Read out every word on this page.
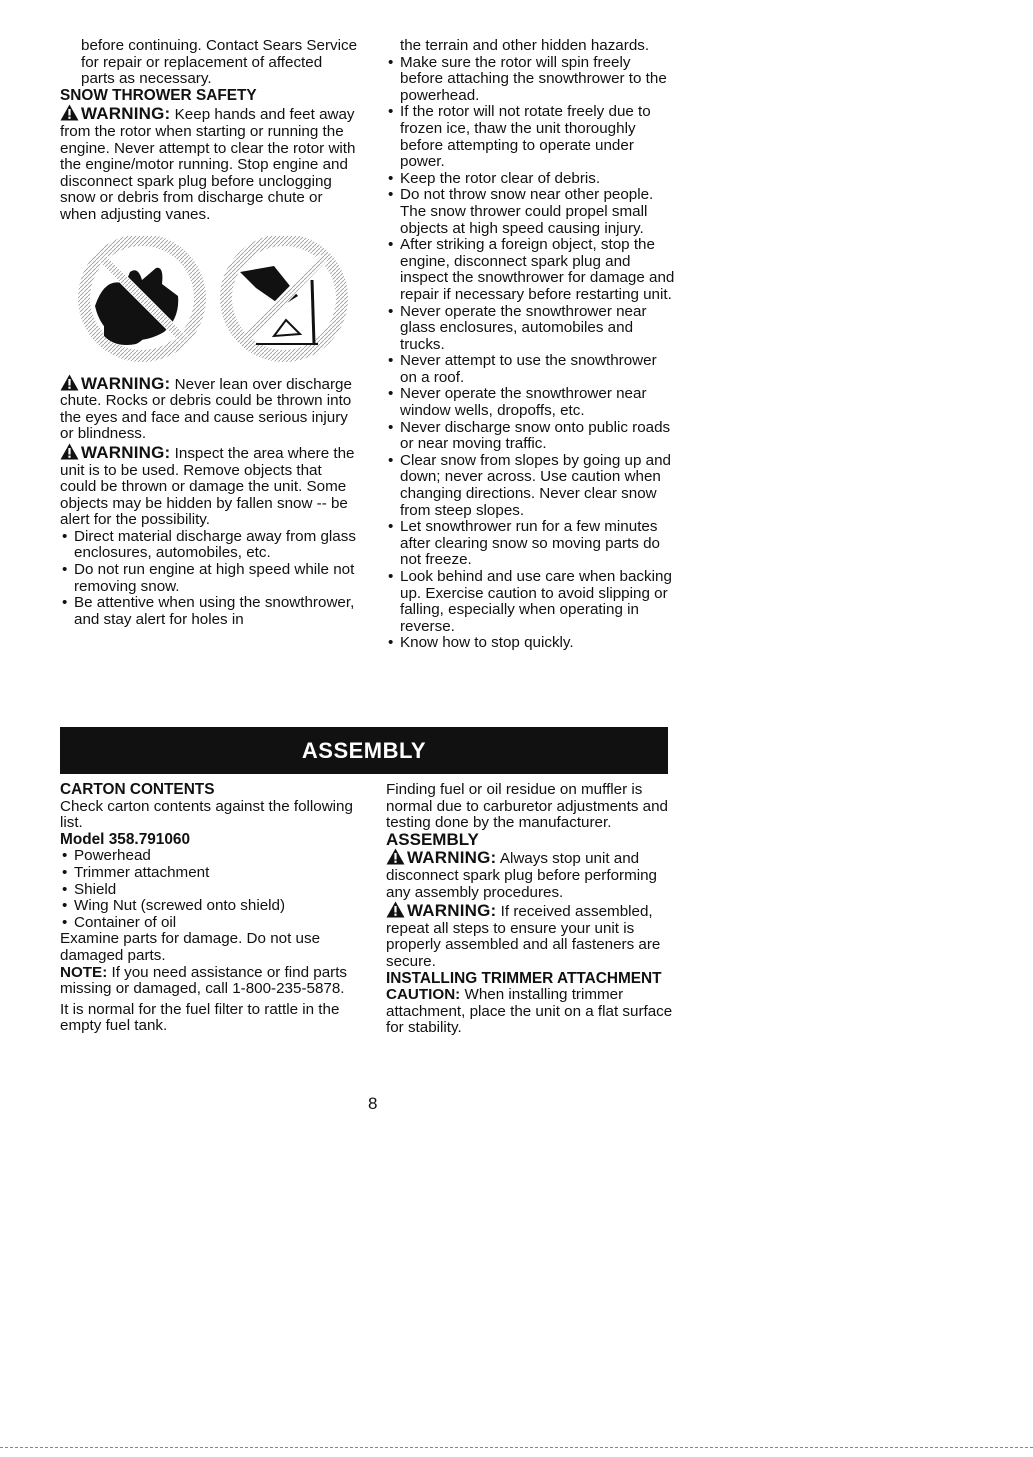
before continuing. Contact Sears Service for repair or replacement of affected parts as necessary.

SNOW THROWER SAFETY

WARNING: Keep hands and feet away from the rotor when starting or running the engine. Never attempt to clear the rotor with the engine/motor running. Stop engine and disconnect spark plug before unclogging snow or debris from discharge chute or when adjusting vanes.

WARNING: Never lean over discharge chute. Rocks or debris could be thrown into the eyes and face and cause serious injury or blindness.

WARNING: Inspect the area where the unit is to be used. Remove objects that could be thrown or damage the unit. Some objects may be hidden by fallen snow -- be alert for the possibility.

• Direct material discharge away from glass enclosures, automobiles, etc.
• Do not run engine at high speed while not removing snow.
• Be attentive when using the snowthrower, and stay alert for holes in

the terrain and other hidden hazards.

• Make sure the rotor will spin freely before attaching the snowthrower to the powerhead.
• If the rotor will not rotate freely due to frozen ice, thaw the unit thoroughly before attempting to operate under power.
• Keep the rotor clear of debris.
• Do not throw snow near other people. The snow thrower could propel small objects at high speed causing injury.
• After striking a foreign object, stop the engine, disconnect spark plug and inspect the snowthrower for damage and repair if necessary before restarting unit.
• Never operate the snowthrower near glass enclosures, automobiles and trucks.
• Never attempt to use the snowthrower on a roof.
• Never operate the snowthrower near window wells, dropoffs, etc.
• Never discharge snow onto public roads or near moving traffic.
• Clear snow from slopes by going up and down; never across. Use caution when changing directions. Never clear snow from steep slopes.
• Let snowthrower run for a few minutes after clearing snow so moving parts do not freeze.
• Look behind and use care when backing up. Exercise caution to avoid slipping or falling, especially when operating in reverse.
• Know how to stop quickly.
ASSEMBLY

CARTON CONTENTS

Check carton contents against the following list.

Model 358.791060

• Powerhead
• Trimmer attachment
• Shield
• Wing Nut (screwed onto shield)
• Container of oil

Examine parts for damage. Do not use damaged parts.

NOTE: If you need assistance or find parts missing or damaged, call 1-800-235-5878.

It is normal for the fuel filter to rattle in the empty fuel tank.

Finding fuel or oil residue on muffler is normal due to carburetor adjustments and testing done by the manufacturer.

ASSEMBLY

WARNING: Always stop unit and disconnect spark plug before performing any assembly procedures.

WARNING: If received assembled, repeat all steps to ensure your unit is properly assembled and all fasteners are secure.

INSTALLING TRIMMER ATTACHMENT

CAUTION: When installing trimmer attachment, place the unit on a flat surface for stability.

8
